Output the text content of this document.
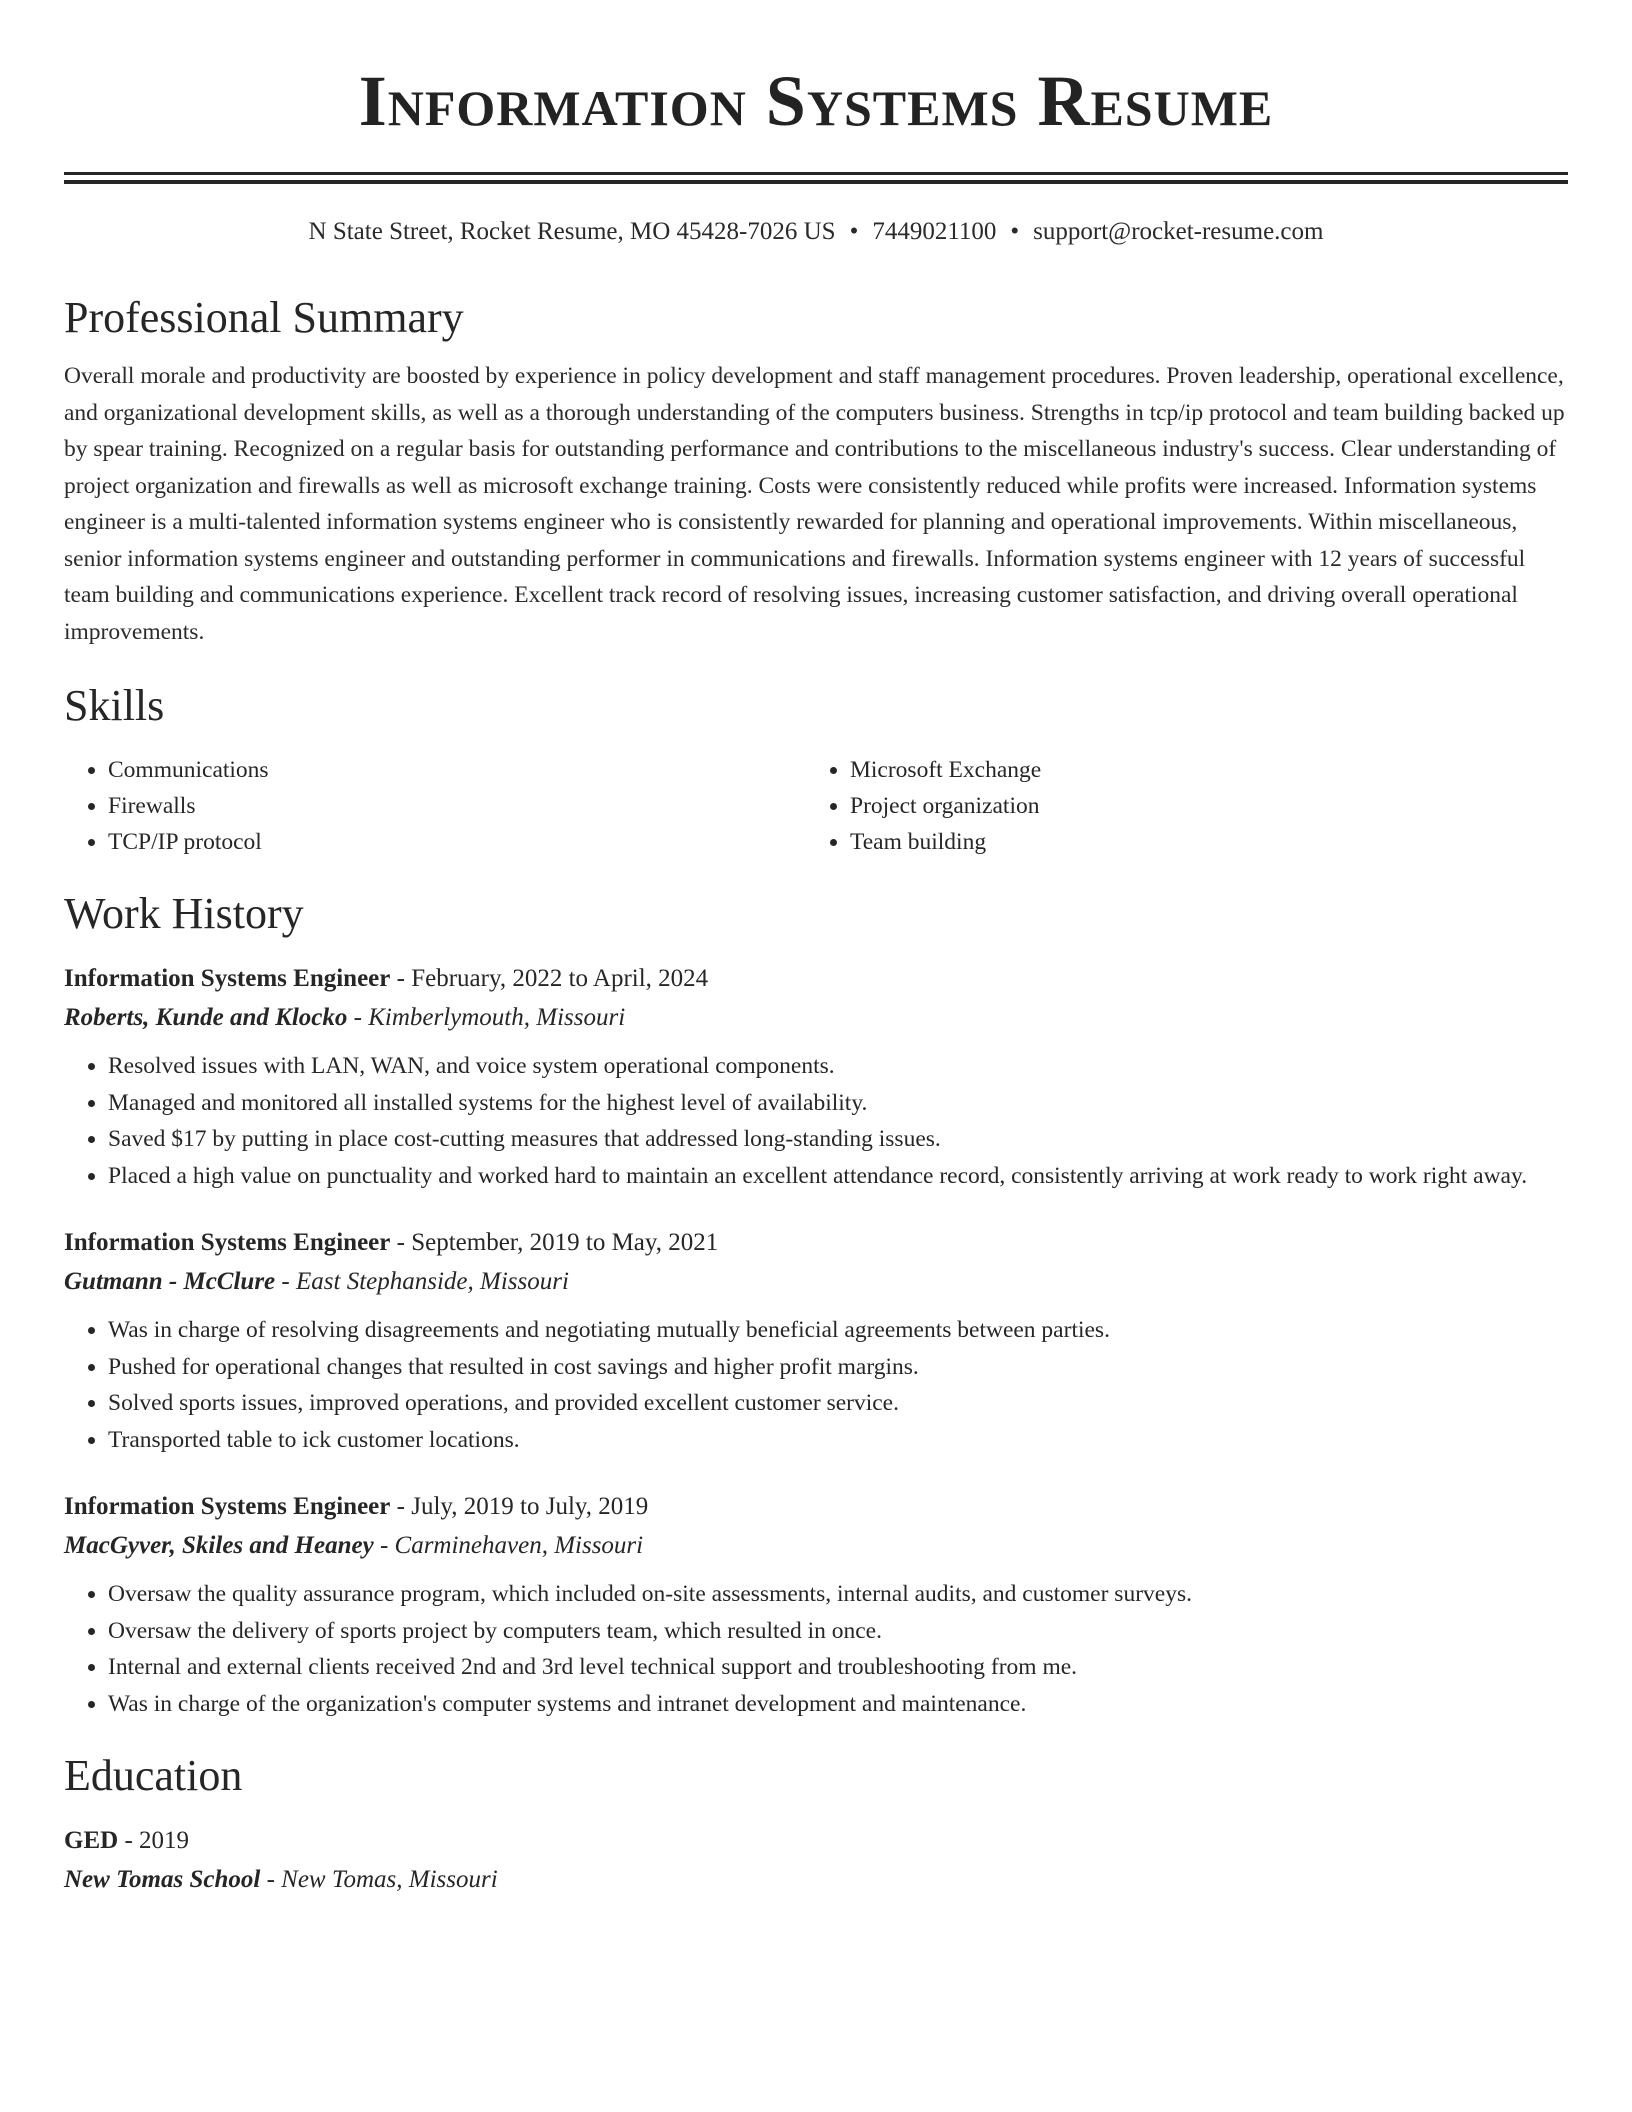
Information Systems Resume
N State Street, Rocket Resume, MO 45428-7026 US • 7449021100 • support@rocket-resume.com
Professional Summary

Overall morale and productivity are boosted by experience in policy development and staff management procedures. Proven leadership, operational excellence, and organizational development skills, as well as a thorough understanding of the computers business. Strengths in tcp/ip protocol and team building backed up by spear training. Recognized on a regular basis for outstanding performance and contributions to the miscellaneous industry's success. Clear understanding of project organization and firewalls as well as microsoft exchange training. Costs were consistently reduced while profits were increased. Information systems engineer is a multi-talented information systems engineer who is consistently rewarded for planning and operational improvements. Within miscellaneous, senior information systems engineer and outstanding performer in communications and firewalls. Information systems engineer with 12 years of successful team building and communications experience. Excellent track record of resolving issues, increasing customer satisfaction, and driving overall operational improvements.

Skills
• Communications
• Firewalls
• TCP/IP protocol
• Microsoft Exchange
• Project organization
• Team building
Work History
Information Systems Engineer - February, 2022 to April, 2024
Roberts, Kunde and Klocko - Kimberlymouth, Missouri
• Resolved issues with LAN, WAN, and voice system operational components.
• Managed and monitored all installed systems for the highest level of availability.
• Saved $17 by putting in place cost-cutting measures that addressed long-standing issues.
• Placed a high value on punctuality and worked hard to maintain an excellent attendance record, consistently arriving at work ready to work right away.
Information Systems Engineer - September, 2019 to May, 2021
Gutmann - McClure - East Stephanside, Missouri
• Was in charge of resolving disagreements and negotiating mutually beneficial agreements between parties.
• Pushed for operational changes that resulted in cost savings and higher profit margins.
• Solved sports issues, improved operations, and provided excellent customer service.
• Transported table to ick customer locations.
Information Systems Engineer - July, 2019 to July, 2019
MacGyver, Skiles and Heaney - Carminehaven, Missouri
• Oversaw the quality assurance program, which included on-site assessments, internal audits, and customer surveys.
• Oversaw the delivery of sports project by computers team, which resulted in once.
• Internal and external clients received 2nd and 3rd level technical support and troubleshooting from me.
• Was in charge of the organization's computer systems and intranet development and maintenance.
Education
GED - 2019
New Tomas School - New Tomas, Missouri
